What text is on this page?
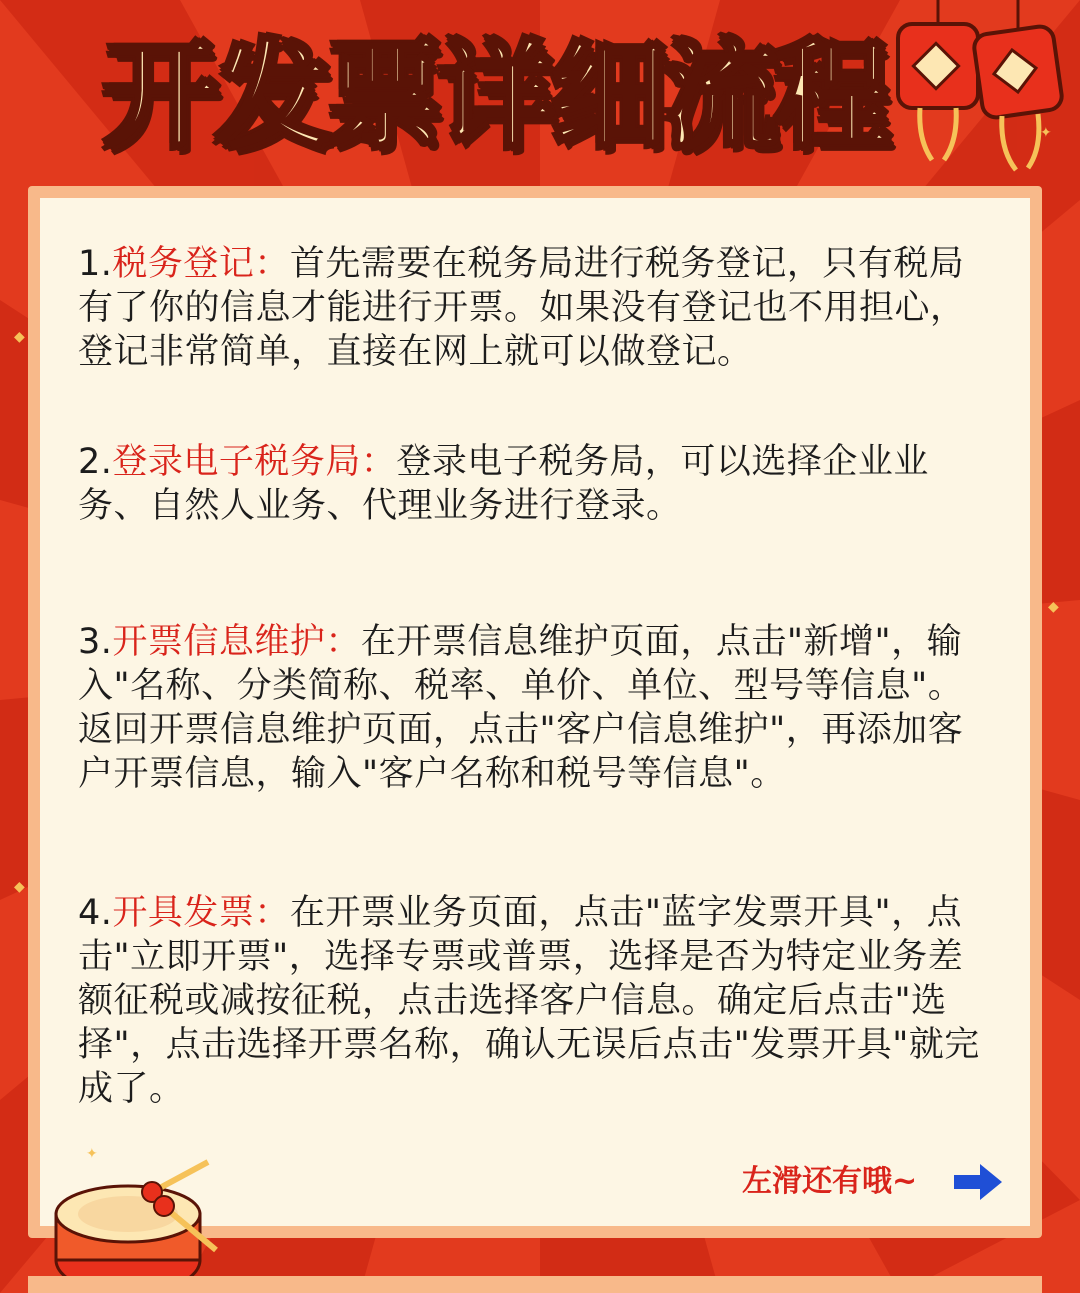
◆
◆
◆
✦
开发票详细流程
1.税务登记：首先需要在税务局进行税务登记，只有税局有了你的信息才能进行开票。如果没有登记也不用担心，登记非常简单，直接在网上就可以做登记。
2.登录电子税务局：登录电子税务局，可以选择企业业务、自然人业务、代理业务进行登录。
3.开票信息维护：在开票信息维护页面，点击"新增"，输入"名称、分类简称、税率、单价、单位、型号等信息"。返回开票信息维护页面，点击"客户信息维护"，再添加客户开票信息，输入"客户名称和税号等信息"。
4.开具发票：在开票业务页面，点击"蓝字发票开具"，点击"立即开票"，选择专票或普票，选择是否为特定业务差额征税或减按征税，点击选择客户信息。确定后点击"选择"，点击选择开票名称，确认无误后点击"发票开具"就完成了。
✦
左滑还有哦~
